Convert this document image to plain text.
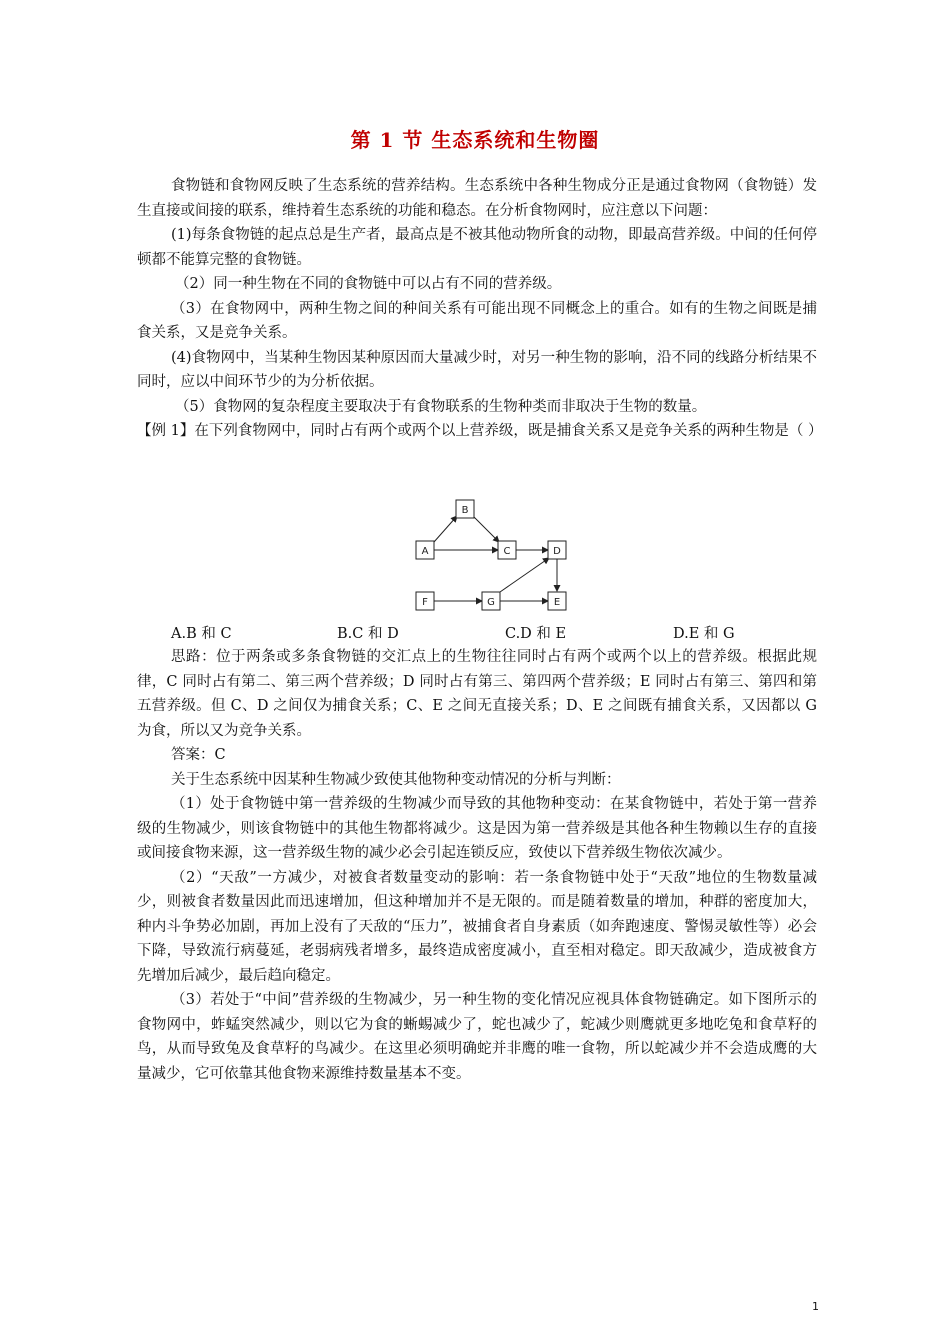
第 1 节 生态系统和生物圈

食物链和食物网反映了生态系统的营养结构。生态系统中各种生物成分正是通过食物网（食物链）发生直接或间接的联系，维持着生态系统的功能和稳态。在分析食物网时，应注意以下问题：

(1)每条食物链的起点总是生产者，最高点是不被其他动物所食的动物，即最高营养级。中间的任何停顿都不能算完整的食物链。

（2）同一种生物在不同的食物链中可以占有不同的营养级。

（3）在食物网中，两种生物之间的种间关系有可能出现不同概念上的重合。如有的生物之间既是捕食关系，又是竞争关系。

(4)食物网中，当某种生物因某种原因而大量减少时，对另一种生物的影响，沿不同的线路分析结果不同时，应以中间环节少的为分析依据。

（5）食物网的复杂程度主要取决于有食物联系的生物种类而非取决于生物的数量。

【例 1】在下列食物网中，同时占有两个或两个以上营养级，既是捕食关系又是竞争关系的两种生物是（ ）

A
B
C	D
F	G	E
A.B 和 C	B.C 和 D	C.D 和 E	D.E 和 G

思路：位于两条或多条食物链的交汇点上的生物往往同时占有两个或两个以上的营养级。根据此规律，C 同时占有第二、第三两个营养级；D 同时占有第三、第四两个营养级；E 同时占有第三、第四和第五营养级。但 C、D 之间仅为捕食关系；C、E 之间无直接关系；D、E 之间既有捕食关系，又因都以 G 为食，所以又为竞争关系。

答案：C

关于生态系统中因某种生物减少致使其他物种变动情况的分析与判断：

（1）处于食物链中第一营养级的生物减少而导致的其他物种变动：在某食物链中，若处于第一营养级的生物减少，则该食物链中的其他生物都将减少。这是因为第一营养级是其他各种生物赖以生存的直接或间接食物来源，这一营养级生物的减少必会引起连锁反应，致使以下营养级生物依次减少。

（2）“天敌”一方减少，对被食者数量变动的影响：若一条食物链中处于“天敌”地位的生物数量减少，则被食者数量因此而迅速增加，但这种增加并不是无限的。而是随着数量的增加，种群的密度加大，种内斗争势必加剧，再加上没有了天敌的“压力”，被捕食者自身素质（如奔跑速度、警惕灵敏性等）必会下降，导致流行病蔓延，老弱病残者增多，最终造成密度减小，直至相对稳定。即天敌减少，造成被食方先增加后减少，最后趋向稳定。

（3）若处于“中间”营养级的生物减少，另一种生物的变化情况应视具体食物链确定。如下图所示的食物网中，蚱蜢突然减少，则以它为食的蜥蜴减少了，蛇也减少了，蛇减少则鹰就更多地吃兔和食草籽的鸟，从而导致兔及食草籽的鸟减少。在这里必须明确蛇并非鹰的唯一食物，所以蛇减少并不会造成鹰的大量减少，它可依靠其他食物来源维持数量基本不变。

1
